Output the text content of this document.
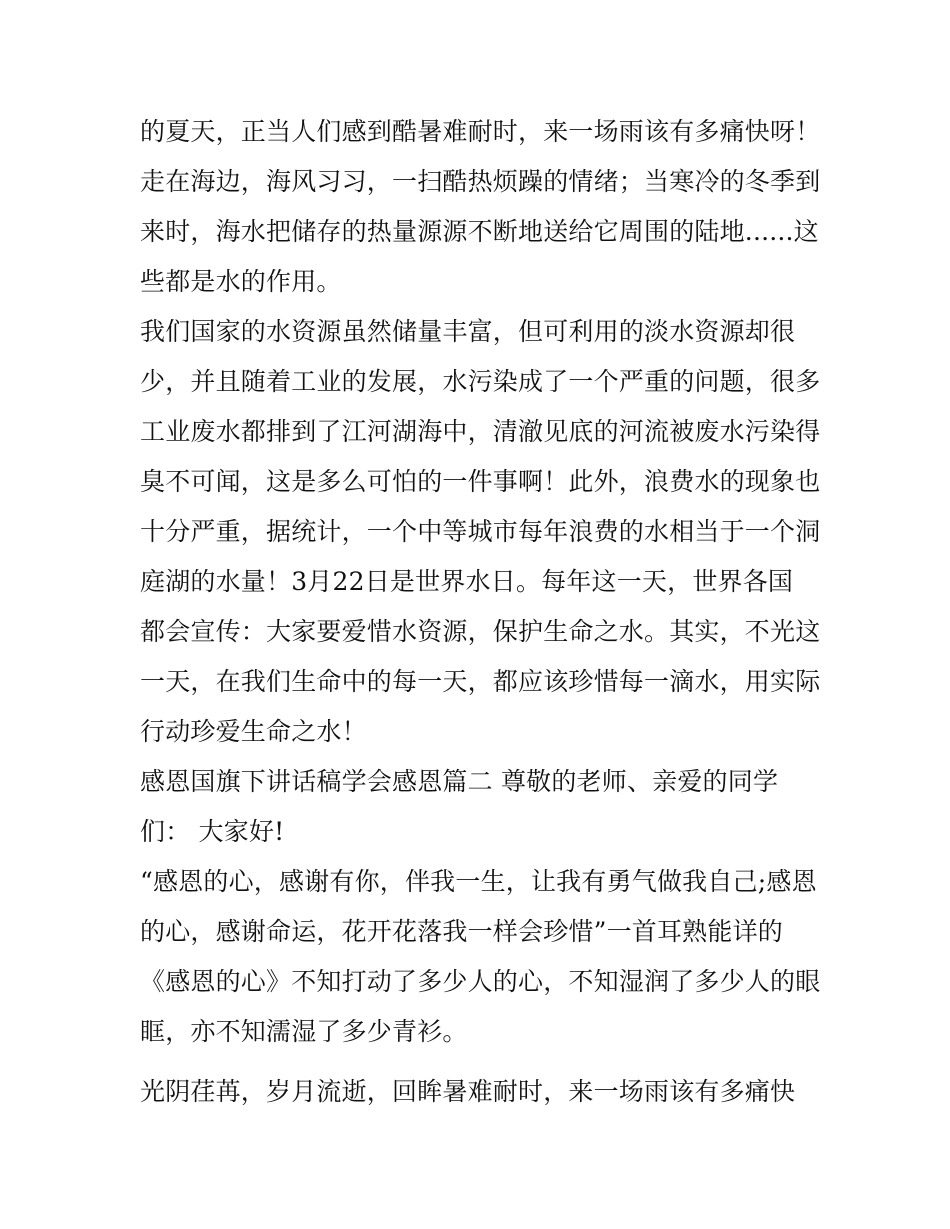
的夏天，正当人们感到酷暑难耐时，来一场雨该有多痛快呀！
走在海边，海风习习，一扫酷热烦躁的情绪；当寒冷的冬季到
来时，海水把储存的热量源源不断地送给它周围的陆地......这
些都是水的作用。
我们国家的水资源虽然储量丰富，但可利用的淡水资源却很
少，并且随着工业的发展，水污染成了一个严重的问题，很多
工业废水都排到了江河湖海中，清澈见底的河流被废水污染得
臭不可闻，这是多么可怕的一件事啊！此外，浪费水的现象也
十分严重，据统计，一个中等城市每年浪费的水相当于一个洞
庭湖的水量！3月22日是世界水日。每年这一天，世界各国
都会宣传：大家要爱惜水资源，保护生命之水。其实，不光这
一天，在我们生命中的每一天，都应该珍惜每一滴水，用实际
行动珍爱生命之水！
感恩国旗下讲话稿学会感恩篇二 尊敬的老师、亲爱的同学
们： 大家好!
“感恩的心，感谢有你，伴我一生，让我有勇气做我自己;感恩
的心，感谢命运，花开花落我一样会珍惜”一首耳熟能详的
《感恩的心》不知打动了多少人的心，不知湿润了多少人的眼
眶，亦不知濡湿了多少青衫。
光阴荏苒，岁月流逝，回眸暑难耐时，来一场雨该有多痛快
